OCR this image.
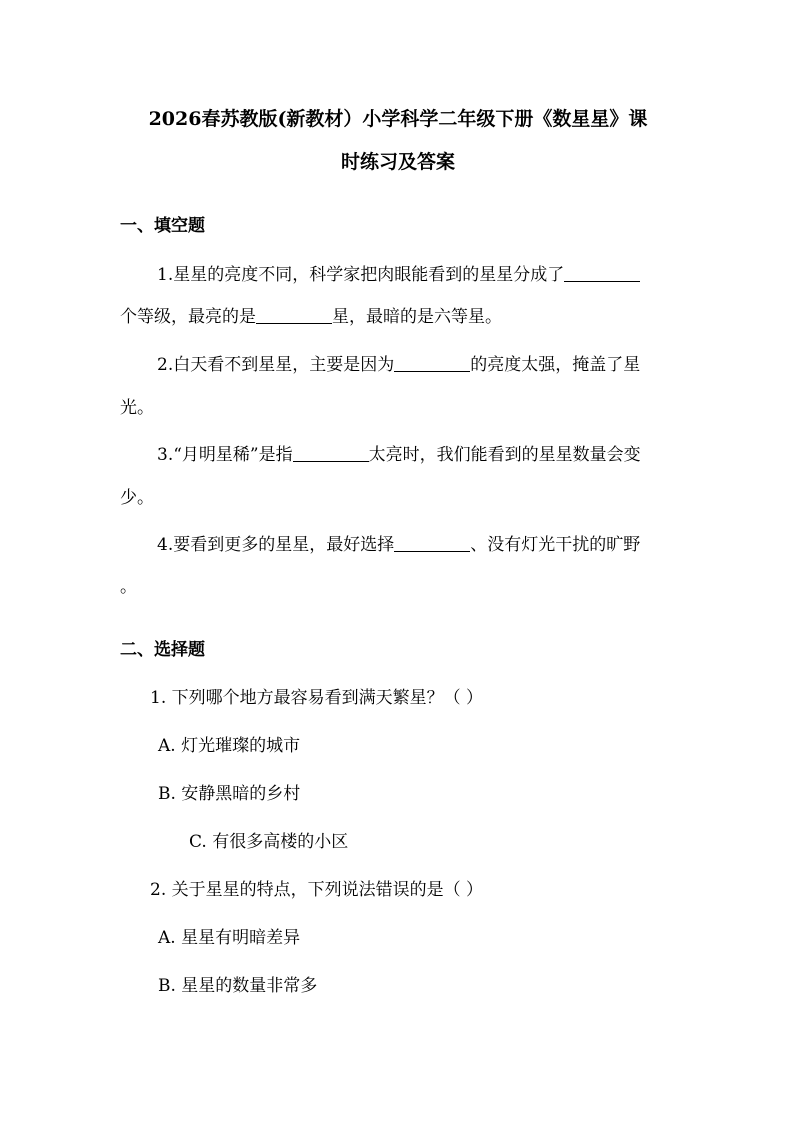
2026春苏教版(新教材）小学科学二年级下册《数星星》课
时练习及答案
一、填空题
1.星星的亮度不同，科学家把肉眼能看到的星星分成了
个等级，最亮的是	星，最暗的是六等星。
2.白天看不到星星，主要是因为	的亮度太强，掩盖了星
光。
3.“月明星稀”是指	太亮时，我们能看到的星星数量会变
少。
4.要看到更多的星星，最好选择	、没有灯光干扰的旷野
。
二、选择题
1. 下列哪个地方最容易看到满天繁星？（ ）
A. 灯光璀璨的城市
B. 安静黑暗的乡村
C. 有很多高楼的小区
2. 关于星星的特点，下列说法错误的是（ ）
A. 星星有明暗差异
B. 星星的数量非常多
